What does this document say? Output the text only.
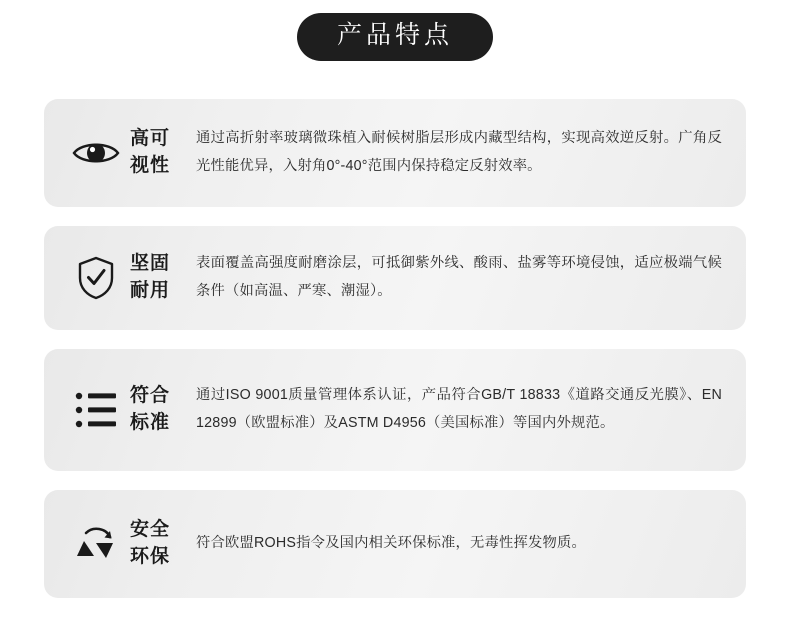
产品特点
高可
视性

通过高折射率玻璃微珠植入耐候树脂层形成内藏型结构，实现高效逆反射。广角反光性能优异，入射角0°-40°范围内保持稳定反射效率。

坚固
耐用

表面覆盖高强度耐磨涂层，可抵御紫外线、酸雨、盐雾等环境侵蚀，适应极端气候条件（如高温、严寒、潮湿）。

符合
标准

通过ISO 9001质量管理体系认证，产品符合GB/T 18833《道路交通反光膜》、EN 12899（欧盟标准）及ASTM D4956（美国标准）等国内外规范。

安全
环保

符合欧盟ROHS指令及国内相关环保标准，无毒性挥发物质。
